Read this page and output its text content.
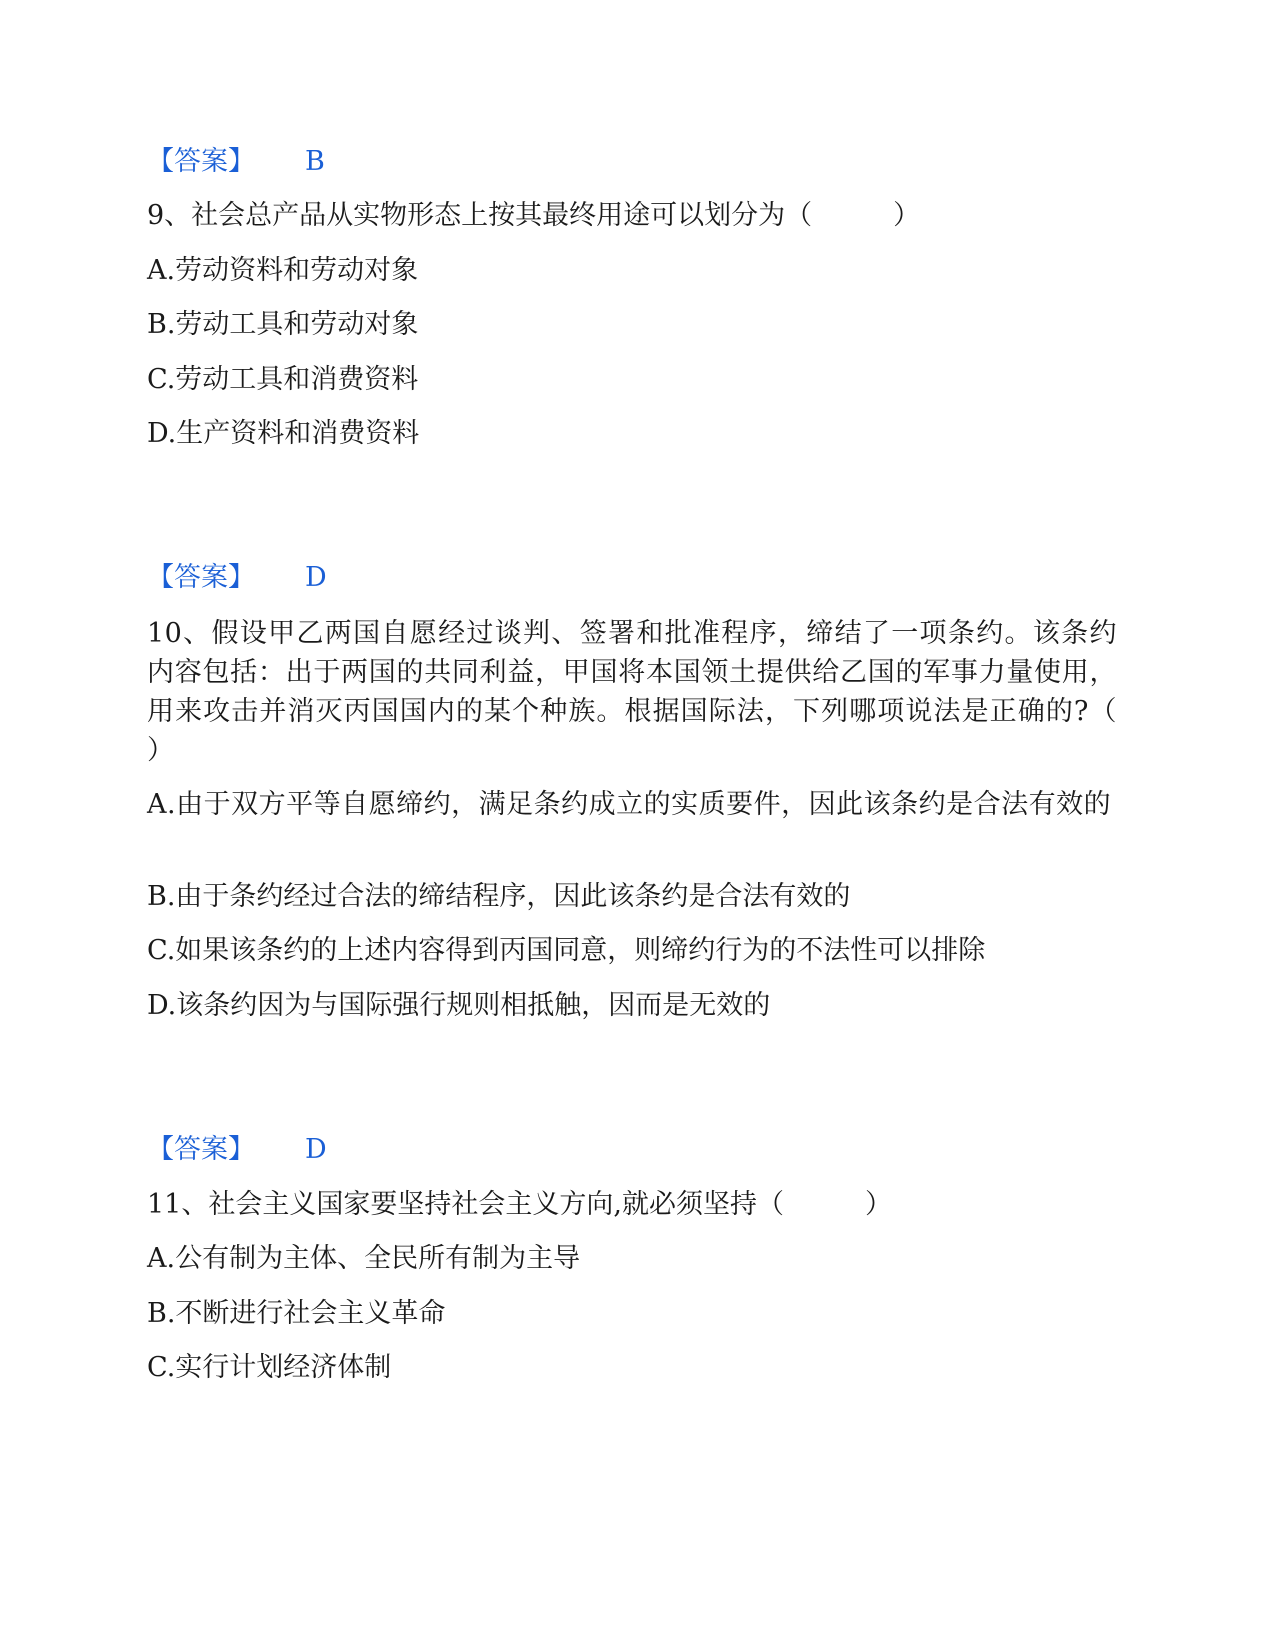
【答案】 B
9、社会总产品从实物形态上按其最终用途可以划分为（　　　）
A.劳动资料和劳动对象
B.劳动工具和劳动对象
C.劳动工具和消费资料
D.生产资料和消费资料
【答案】 D
10、假设甲乙两国自愿经过谈判、签署和批准程序，缔结了一项条约。该条约内容包括：出于两国的共同利益，甲国将本国领土提供给乙国的军事力量使用，用来攻击并消灭丙国国内的某个种族。根据国际法，下列哪项说法是正确的?（ ）
A.由于双方平等自愿缔约，满足条约成立的实质要件，因此该条约是合法有效的
B.由于条约经过合法的缔结程序，因此该条约是合法有效的
C.如果该条约的上述内容得到丙国同意，则缔约行为的不法性可以排除
D.该条约因为与国际强行规则相抵触，因而是无效的
【答案】 D
11、社会主义国家要坚持社会主义方向,就必须坚持（　　　）
A.公有制为主体、全民所有制为主导
B.不断进行社会主义革命
C.实行计划经济体制
